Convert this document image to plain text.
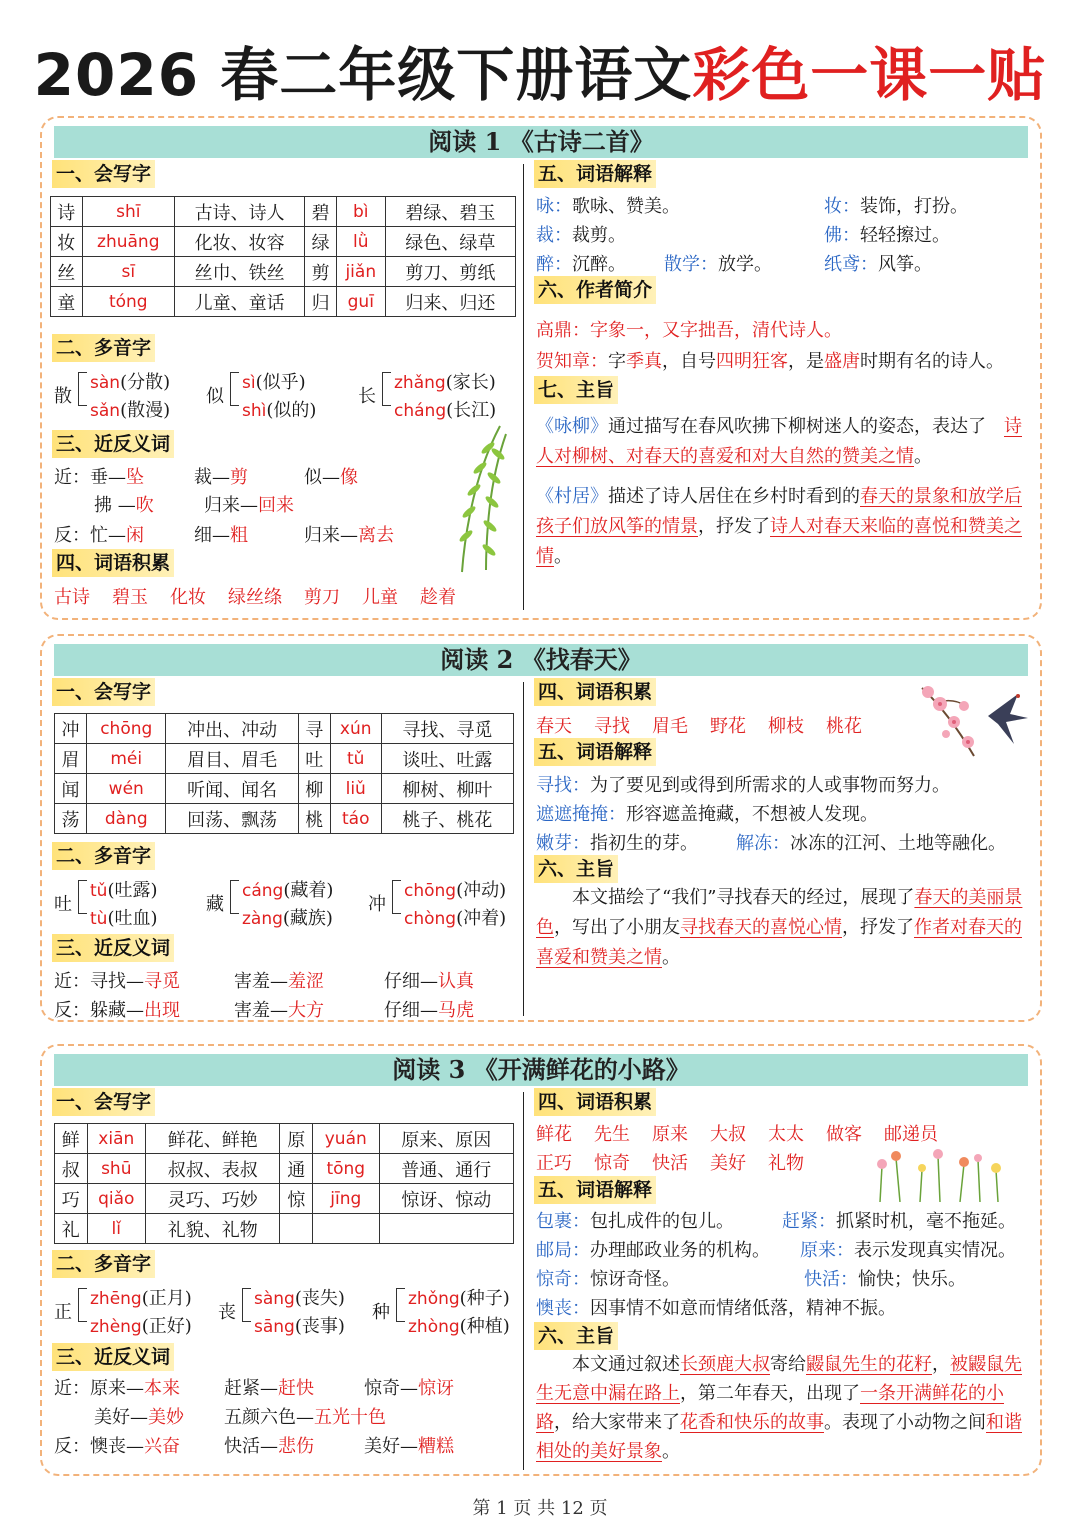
2026 春二年级下册语文彩色一课一贴
阅读 1 《古诗二首》
一、会写字
诗	shī	古诗、诗人	碧	bì	碧绿、碧玉
妆	zhuāng	化妆、妆容	绿	lǜ	绿色、绿草
丝	sī	丝巾、铁丝	剪	jiǎn	剪刀、剪纸
童	tóng	儿童、童话	归	guī	归来、归还
二、多音字
散
sàn(分散)
sǎn(散漫)
似
sì(似乎)
shì(似的)
长
zhǎng(家长)
cháng(长江)
三、近反义词
近：垂—坠	裁—剪	似—像
拂 —吹	归来—回来
反：忙—闲	细—粗	归来—离去
四、词语积累
古诗 碧玉 化妆 绿丝绦 剪刀 儿童 趁着
五、词语解释
咏：歌咏、赞美。	妆：装饰，打扮。
裁：裁剪。	佛：轻轻擦过。
醉：沉醉。 散学：放学。	纸鸢：风筝。
六、作者简介
高鼎：字象一，又字拙吾，清代诗人。
贺知章：字季真，自号四明狂客，是盛唐时期有名的诗人。
七、主旨
《咏柳》通过描写在春风吹拂下柳树迷人的姿态，表达了 诗人对柳树、对春天的喜爱和对大自然的赞美之情。
《村居》描述了诗人居住在乡村时看到的春天的景象和放学后孩子们放风筝的情景，抒发了诗人对春天来临的喜悦和赞美之情。
阅读 2 《找春天》
一、会写字
冲	chōng	冲出、冲动	寻	xún	寻找、寻觅
眉	méi	眉目、眉毛	吐	tǔ	谈吐、吐露
闻	wén	听闻、闻名	柳	liǔ	柳树、柳叶
荡	dàng	回荡、飘荡	桃	táo	桃子、桃花
二、多音字
吐
tǔ(吐露)
tù(吐血)
藏
cáng(藏着)
zàng(藏族)
冲
chōng(冲动)
chòng(冲着)
三、近反义词
近：寻找—寻觅	害羞—羞涩	仔细—认真
反：躲藏—出现	害羞—大方	仔细—马虎
四、词语积累
春天 寻找 眉毛 野花 柳枝 桃花
五、词语解释
寻找：为了要见到或得到所需求的人或事物而努力。
遮遮掩掩：形容遮盖掩藏，不想被人发现。
嫩芽：指初生的芽。 解冻：冰冻的江河、土地等融化。
六、主旨
本文描绘了“我们”寻找春天的经过，展现了春天的美丽景色，写出了小朋友寻找春天的喜悦心情，抒发了作者对春天的喜爱和赞美之情。
阅读 3 《开满鲜花的小路》
一、会写字
鲜	xiān	鲜花、鲜艳	原	yuán	原来、原因
叔	shū	叔叔、表叔	通	tōng	普通、通行
巧	qiǎo	灵巧、巧妙	惊	jīng	惊讶、惊动
礼	lǐ	礼貌、礼物			
二、多音字
正
zhēng(正月)
zhèng(正好)
丧
sàng(丧失)
sāng(丧事)
种
zhǒng(种子)
zhòng(种植)
三、近反义词
近：原来—本来 赶紧—赶快	惊奇—惊讶
美好—美妙 五颜六色—五光十色
反：懊丧—兴奋 快活—悲伤	美好—糟糕
四、词语积累
鲜花 先生 原来 大叔 太太 做客 邮递员
正巧 惊奇 快活 美好 礼物
五、词语解释
包裹：包扎成件的包儿。	赶紧：抓紧时机，毫不拖延。
邮局：办理邮政业务的机构。 原来：表示发现真实情况。
惊奇：惊讶奇怪。	快活：愉快；快乐。
懊丧：因事情不如意而情绪低落，精神不振。
六、主旨
本文通过叙述长颈鹿大叔寄给鼹鼠先生的花籽，被鼹鼠先生无意中漏在路上，第二年春天，出现了一条开满鲜花的小路，给大家带来了花香和快乐的故事。表现了小动物之间和谐相处的美好景象。
第 1 页 共 12 页
